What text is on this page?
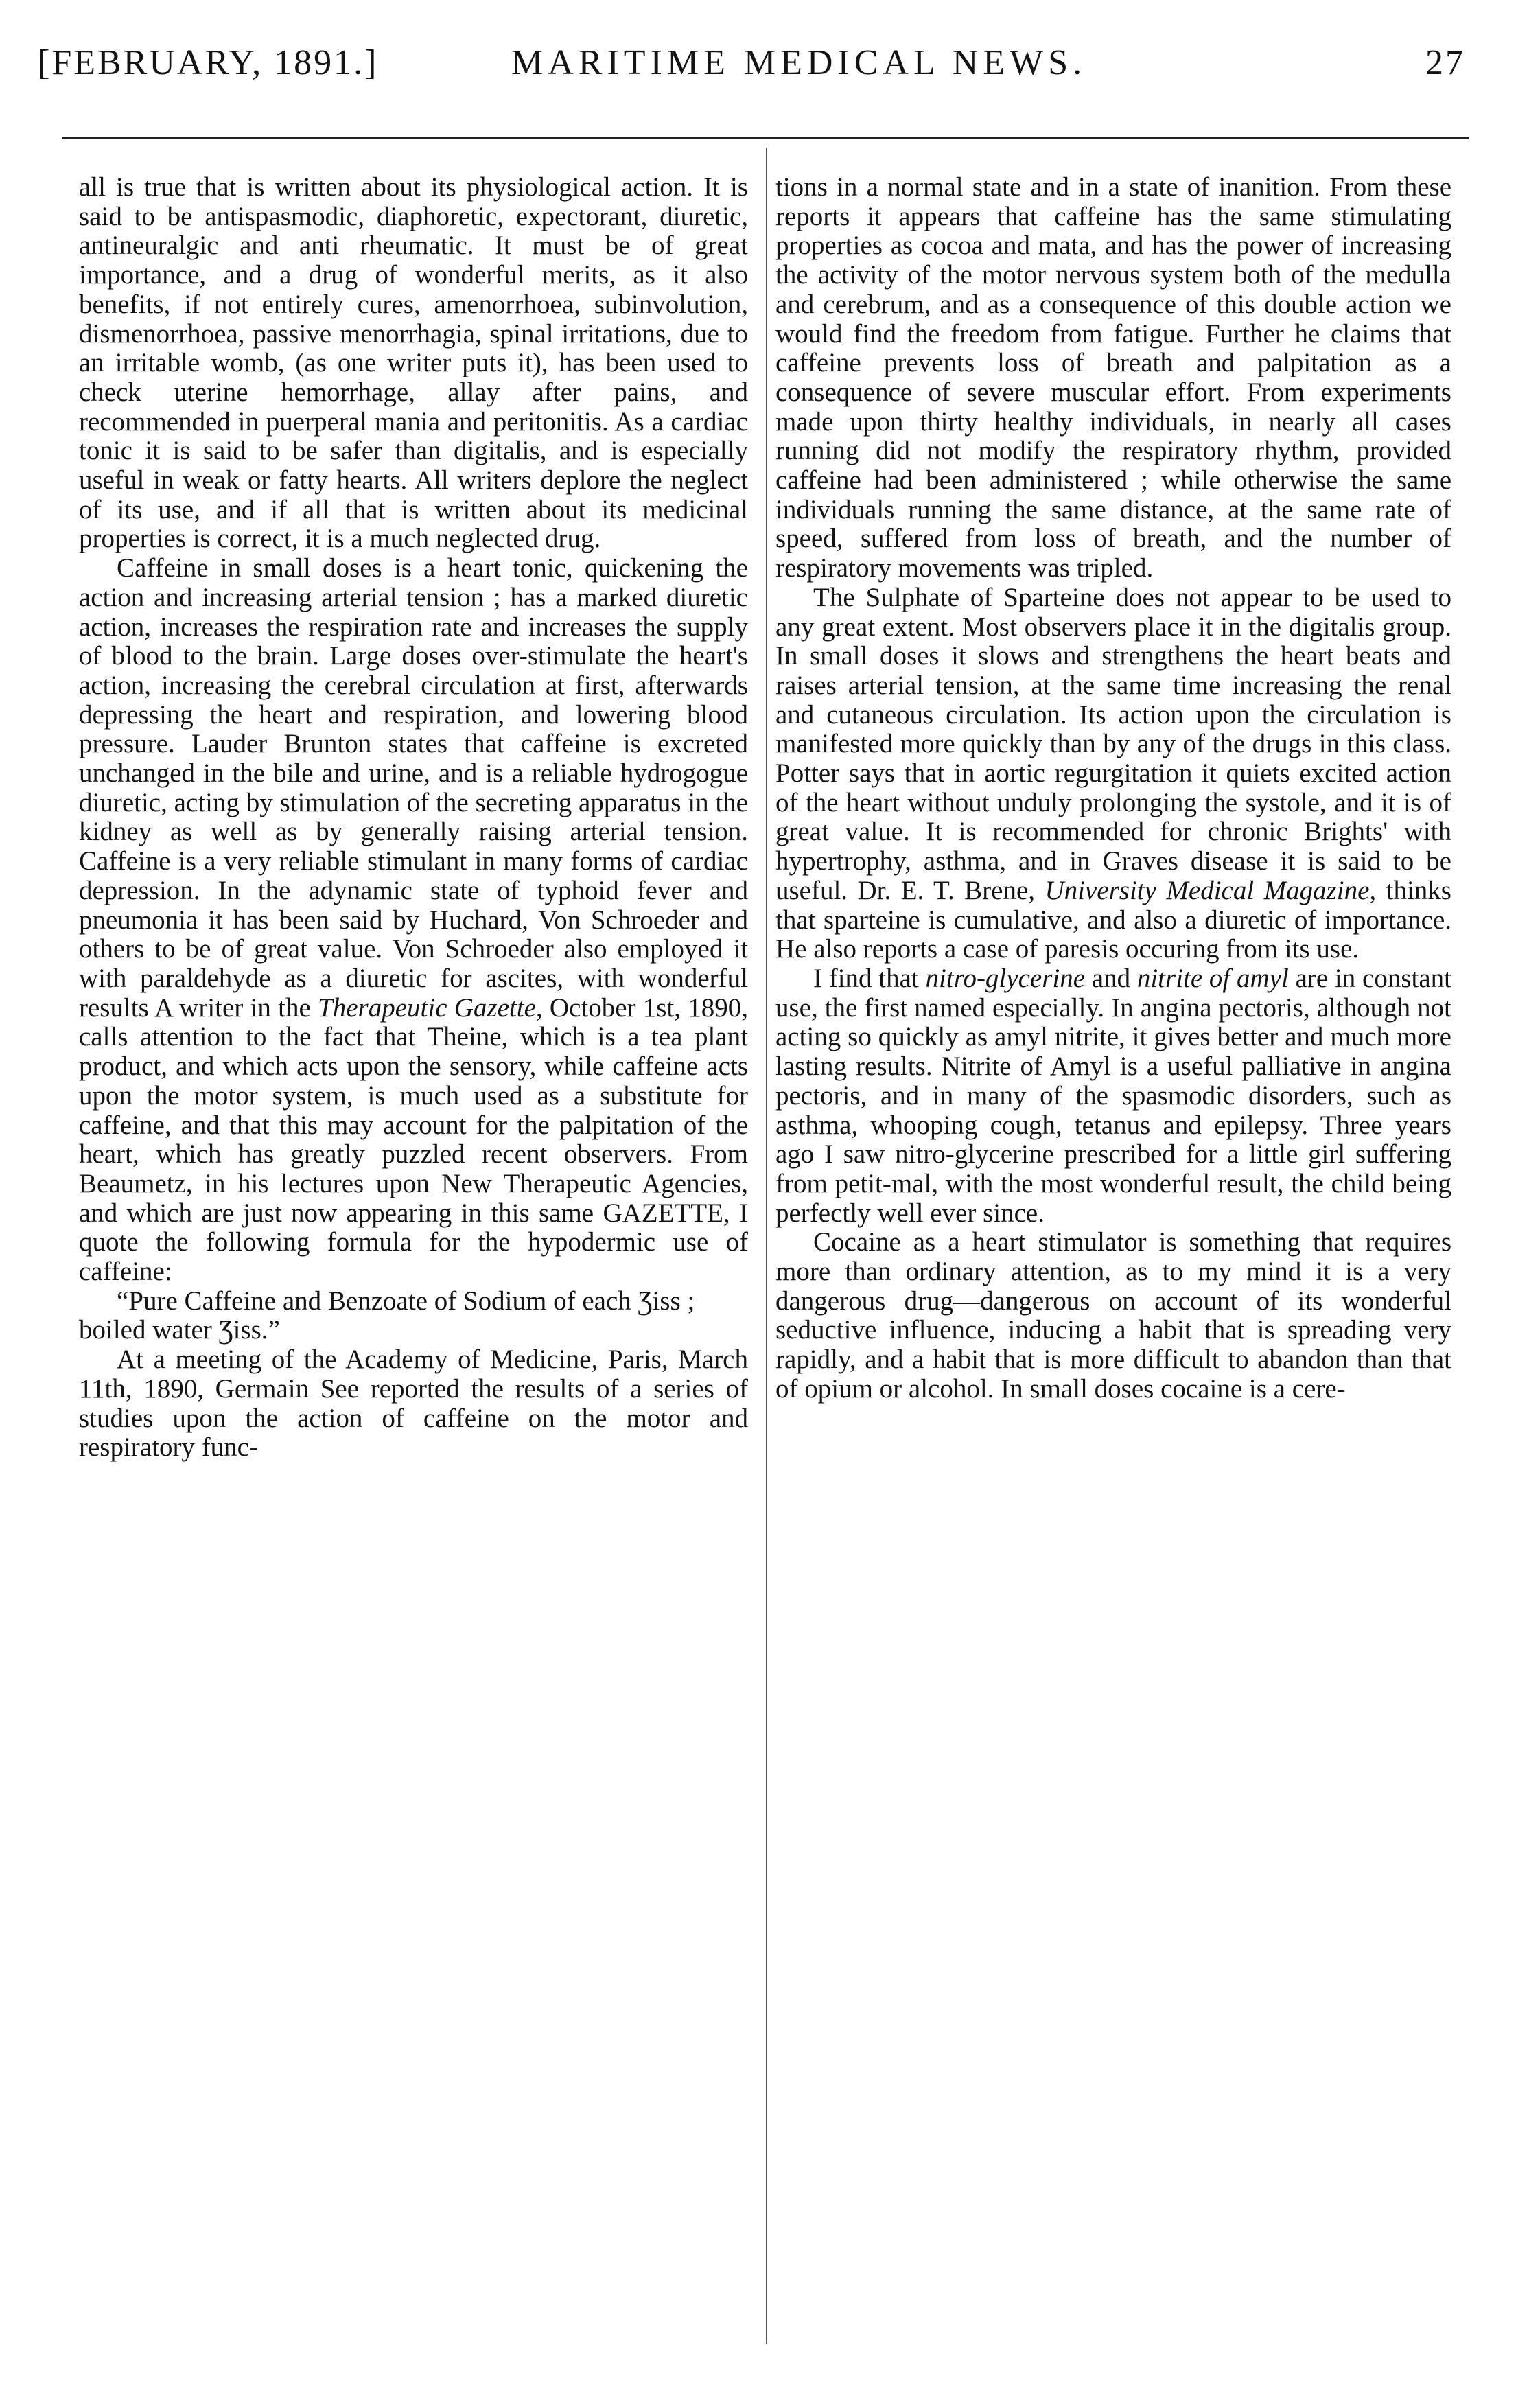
[FEBRUARY, 1891.]	MARITIME MEDICAL NEWS.	27

all is true that is written about its physiological action. It is said to be antispasmodic, diaphoretic, expectorant, diuretic, antineuralgic and anti rheumatic. It must be of great importance, and a drug of wonderful merits, as it also benefits, if not entirely cures, amenorrhoea, subinvolution, dismenorrhoea, passive menorrhagia, spinal irritations, due to an irritable womb, (as one writer puts it), has been used to check uterine hemorrhage, allay after pains, and recommended in puerperal mania and peritonitis. As a cardiac tonic it is said to be safer than digitalis, and is especially useful in weak or fatty hearts. All writers deplore the neglect of its use, and if all that is written about its medicinal properties is correct, it is a much neglected drug.

Caffeine in small doses is a heart tonic, quickening the action and increasing arterial tension ; has a marked diuretic action, increases the respiration rate and increases the supply of blood to the brain. Large doses over-stimulate the heart's action, increasing the cerebral circulation at first, afterwards depressing the heart and respiration, and lowering blood pressure. Lauder Brunton states that caffeine is excreted unchanged in the bile and urine, and is a reliable hydrogogue diuretic, acting by stimulation of the secreting apparatus in the kidney as well as by generally raising arterial tension. Caffeine is a very reliable stimulant in many forms of cardiac depression. In the adynamic state of typhoid fever and pneumonia it has been said by Huchard, Von Schroeder and others to be of great value. Von Schroeder also employed it with paraldehyde as a diuretic for ascites, with wonderful results A writer in the Therapeutic Gazette, October 1st, 1890, calls attention to the fact that Theine, which is a tea plant product, and which acts upon the sensory, while caffeine acts upon the motor system, is much used as a substitute for caffeine, and that this may account for the palpitation of the heart, which has greatly puzzled recent observers. From Beaumetz, in his lectures upon New Therapeutic Agencies, and which are just now appearing in this same GAZETTE, I quote the following formula for the hypodermic use of caffeine:

“Pure Caffeine and Benzoate of Sodium of each Ʒiss ; boiled water Ʒiss.”

At a meeting of the Academy of Medicine, Paris, March 11th, 1890, Germain See reported the results of a series of studies upon the action of caffeine on the motor and respiratory func-

tions in a normal state and in a state of inanition. From these reports it appears that caffeine has the same stimulating properties as cocoa and mata, and has the power of increasing the activity of the motor nervous system both of the medulla and cerebrum, and as a consequence of this double action we would find the freedom from fatigue. Further he claims that caffeine prevents loss of breath and palpitation as a consequence of severe muscular effort. From experiments made upon thirty healthy individuals, in nearly all cases running did not modify the respiratory rhythm, provided caffeine had been administered ; while otherwise the same individuals running the same distance, at the same rate of speed, suffered from loss of breath, and the number of respiratory movements was tripled.

The Sulphate of Sparteine does not appear to be used to any great extent. Most observers place it in the digitalis group. In small doses it slows and strengthens the heart beats and raises arterial tension, at the same time increasing the renal and cutaneous circulation. Its action upon the circulation is manifested more quickly than by any of the drugs in this class. Potter says that in aortic regurgitation it quiets excited action of the heart without unduly prolonging the systole, and it is of great value. It is recommended for chronic Brights' with hypertrophy, asthma, and in Graves disease it is said to be useful. Dr. E. T. Brene, University Medical Magazine, thinks that sparteine is cumulative, and also a diuretic of importance. He also reports a case of paresis occuring from its use.

I find that nitro-glycerine and nitrite of amyl are in constant use, the first named especially. In angina pectoris, although not acting so quickly as amyl nitrite, it gives better and much more lasting results. Nitrite of Amyl is a useful palliative in angina pectoris, and in many of the spasmodic disorders, such as asthma, whooping cough, tetanus and epilepsy. Three years ago I saw nitro-glycerine prescribed for a little girl suffering from petit-mal, with the most wonderful result, the child being perfectly well ever since.

Cocaine as a heart stimulator is something that requires more than ordinary attention, as to my mind it is a very dangerous drug—dangerous on account of its wonderful seductive influence, inducing a habit that is spreading very rapidly, and a habit that is more difficult to abandon than that of opium or alcohol. In small doses cocaine is a cere-
